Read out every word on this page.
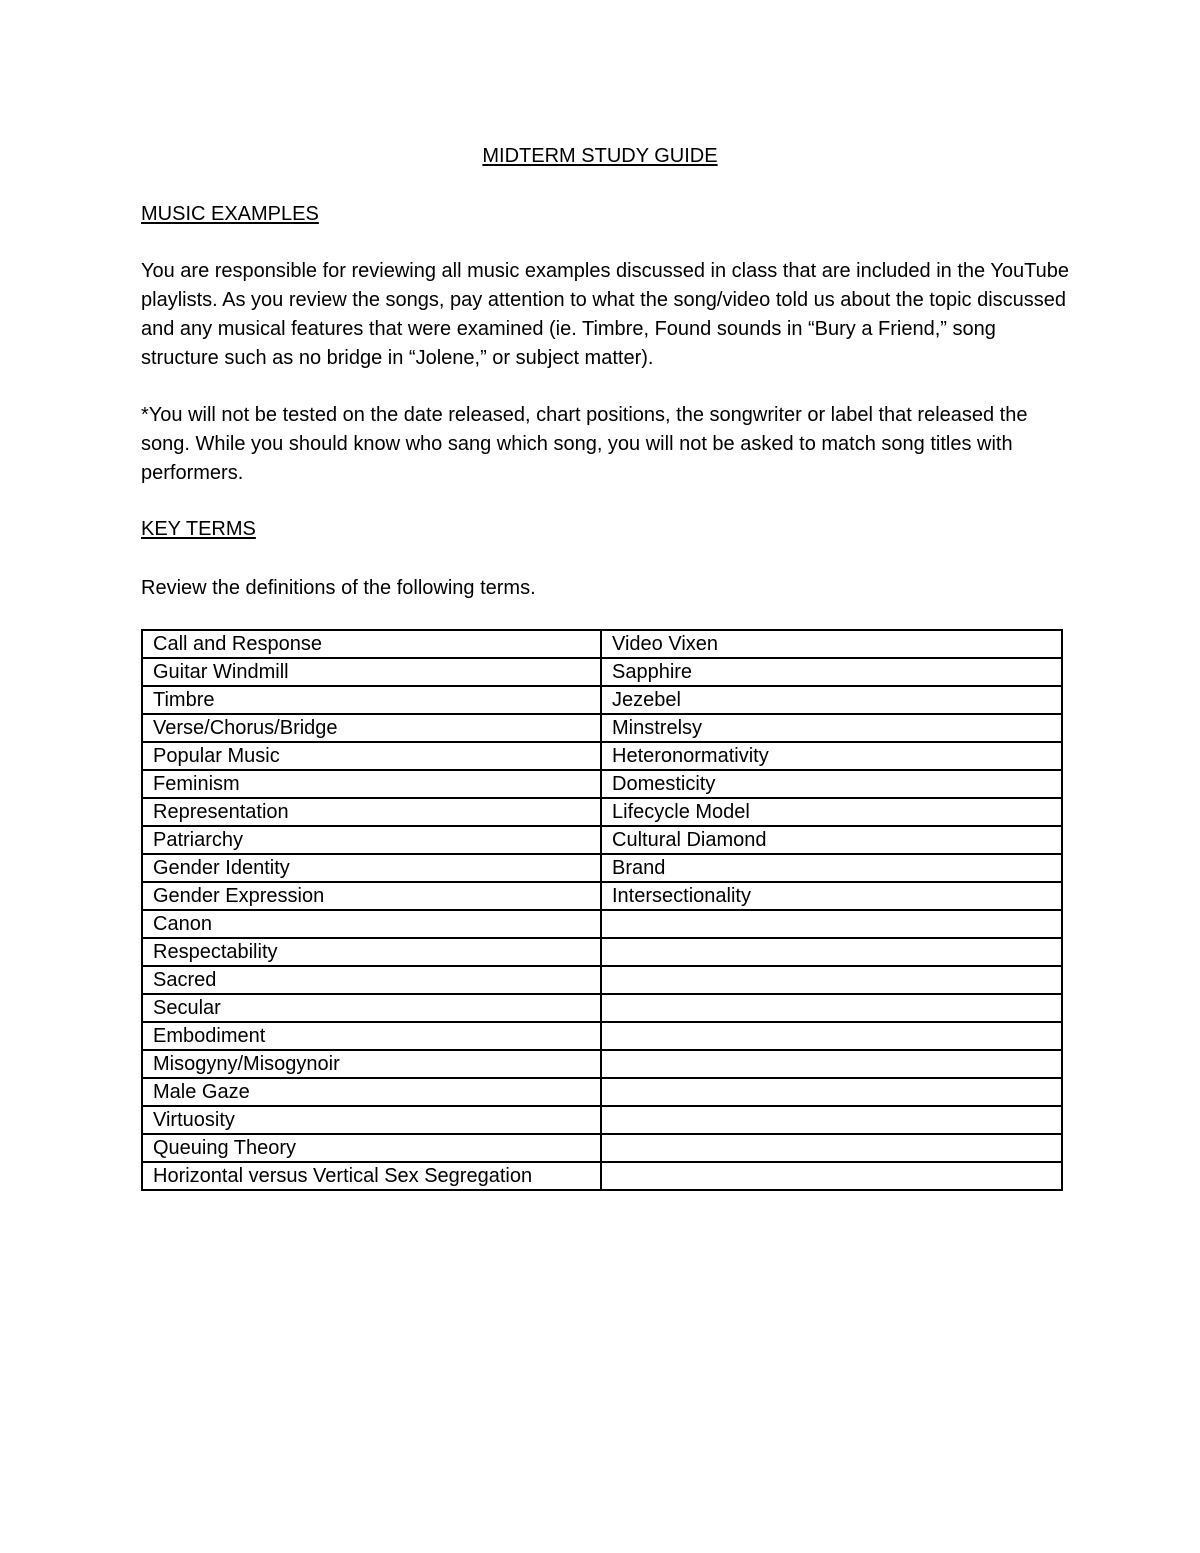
MIDTERM STUDY GUIDE
MUSIC EXAMPLES

You are responsible for reviewing all music examples discussed in class that are included in the YouTube playlists. As you review the songs, pay attention to what the song/video told us about the topic discussed and any musical features that were examined (ie. Timbre, Found sounds in “Bury a Friend,” song structure such as no bridge in “Jolene,” or subject matter).

*You will not be tested on the date released, chart positions, the songwriter or label that released the song. While you should know who sang which song, you will not be asked to match song titles with performers.

KEY TERMS

Review the definitions of the following terms.

Call and Response	Video Vixen
Guitar Windmill	Sapphire
Timbre	Jezebel
Verse/Chorus/Bridge	Minstrelsy
Popular Music	Heteronormativity
Feminism	Domesticity
Representation	Lifecycle Model
Patriarchy	Cultural Diamond
Gender Identity	Brand
Gender Expression	Intersectionality
Canon	
Respectability	
Sacred	
Secular	
Embodiment	
Misogyny/Misogynoir	
Male Gaze	
Virtuosity	
Queuing Theory	
Horizontal versus Vertical Sex Segregation	
